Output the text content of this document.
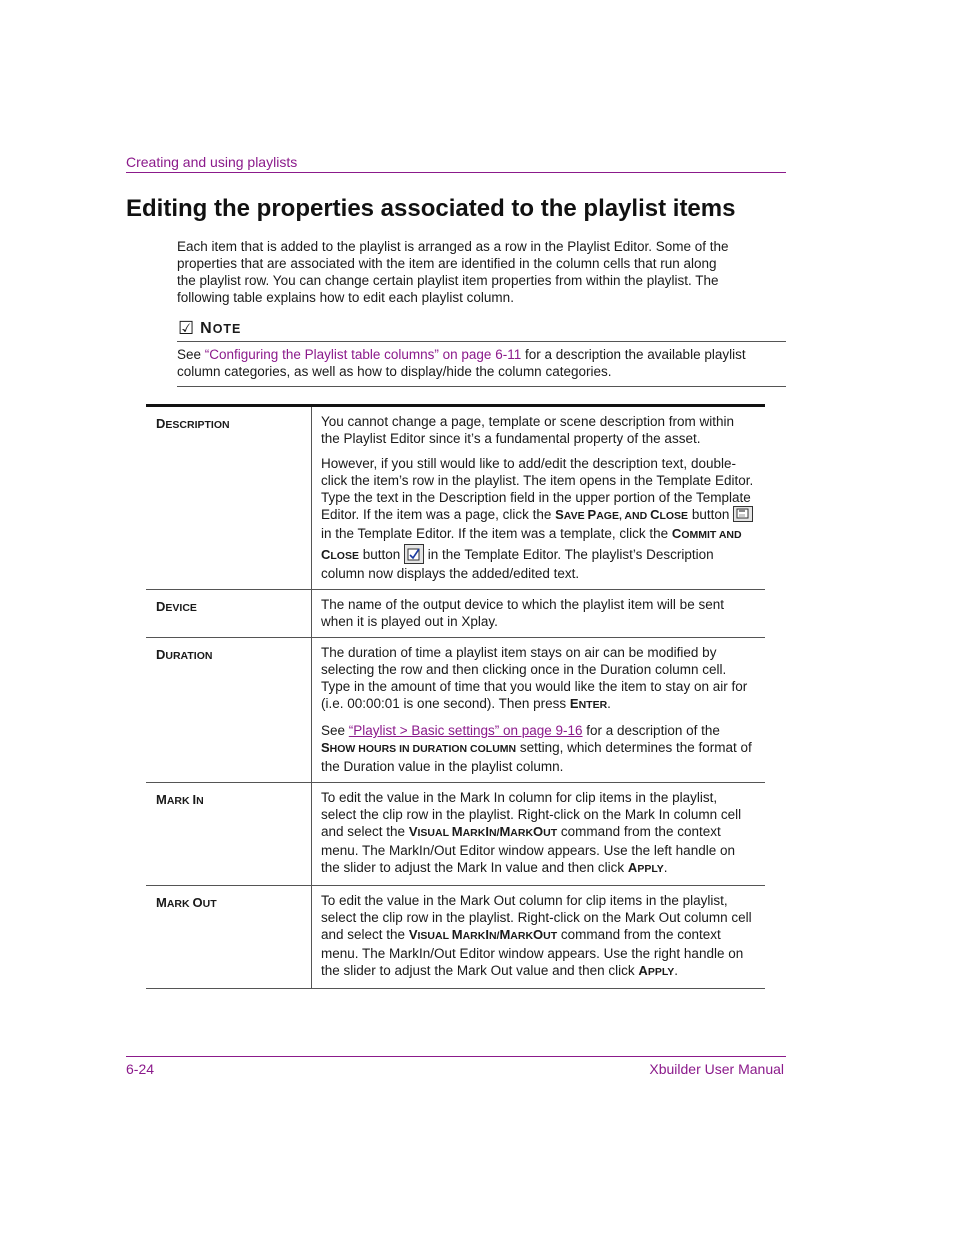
Creating and using playlists
Editing the properties associated to the playlist items

Each item that is added to the playlist is arranged as a row in the Playlist Editor. Some of the properties that are associated with the item are identified in the column cells that run along the playlist row. You can change certain playlist item properties from within the playlist. The following table explains how to edit each playlist column.

☑ NOTE

See “Configuring the Playlist table columns” on page 6-11 for a description the available playlist column categories, as well as how to display/hide the column categories.

DESCRIPTION	You cannot change a page, template or scene description from within the Playlist Editor since it’s a fundamental property of the asset.

However, if you still would like to add/edit the description text, double-click the item’s row in the playlist. The item opens in the Template Editor. Type the text in the Description field in the upper portion of the Template Editor. If the item was a page, click the SAVE PAGE, AND CLOSE button
in the Template Editor. If the item was a template, click the COMMIT AND CLOSE button
in the Template Editor. The playlist’s Description column now displays the added/edited text.

DEVICE	The name of the output device to which the playlist item will be sent when it is played out in Xplay.

DURATION	The duration of time a playlist item stays on air can be modified by selecting the row and then clicking once in the Duration column cell. Type in the amount of time that you would like the item to stay on air for (i.e. 00:00:01 is one second). Then press ENTER.

See “Playlist > Basic settings” on page 9-16 for a description of the SHOW HOURS IN DURATION COLUMN setting, which determines the format of the Duration value in the playlist column.

MARK IN	To edit the value in the Mark In column for clip items in the playlist, select the clip row in the playlist. Right-click on the Mark In column cell and select the VISUAL MARKIN/MARKOUT command from the context menu. The MarkIn/Out Editor window appears. Use the left handle on the slider to adjust the Mark In value and then click APPLY.

MARK OUT	To edit the value in the Mark Out column for clip items in the playlist, select the clip row in the playlist. Right-click on the Mark Out column cell and select the VISUAL MARKIN/MARKOUT command from the context menu. The MarkIn/Out Editor window appears. Use the right handle on the slider to adjust the Mark Out value and then click APPLY.

6-24	Xbuilder User Manual
